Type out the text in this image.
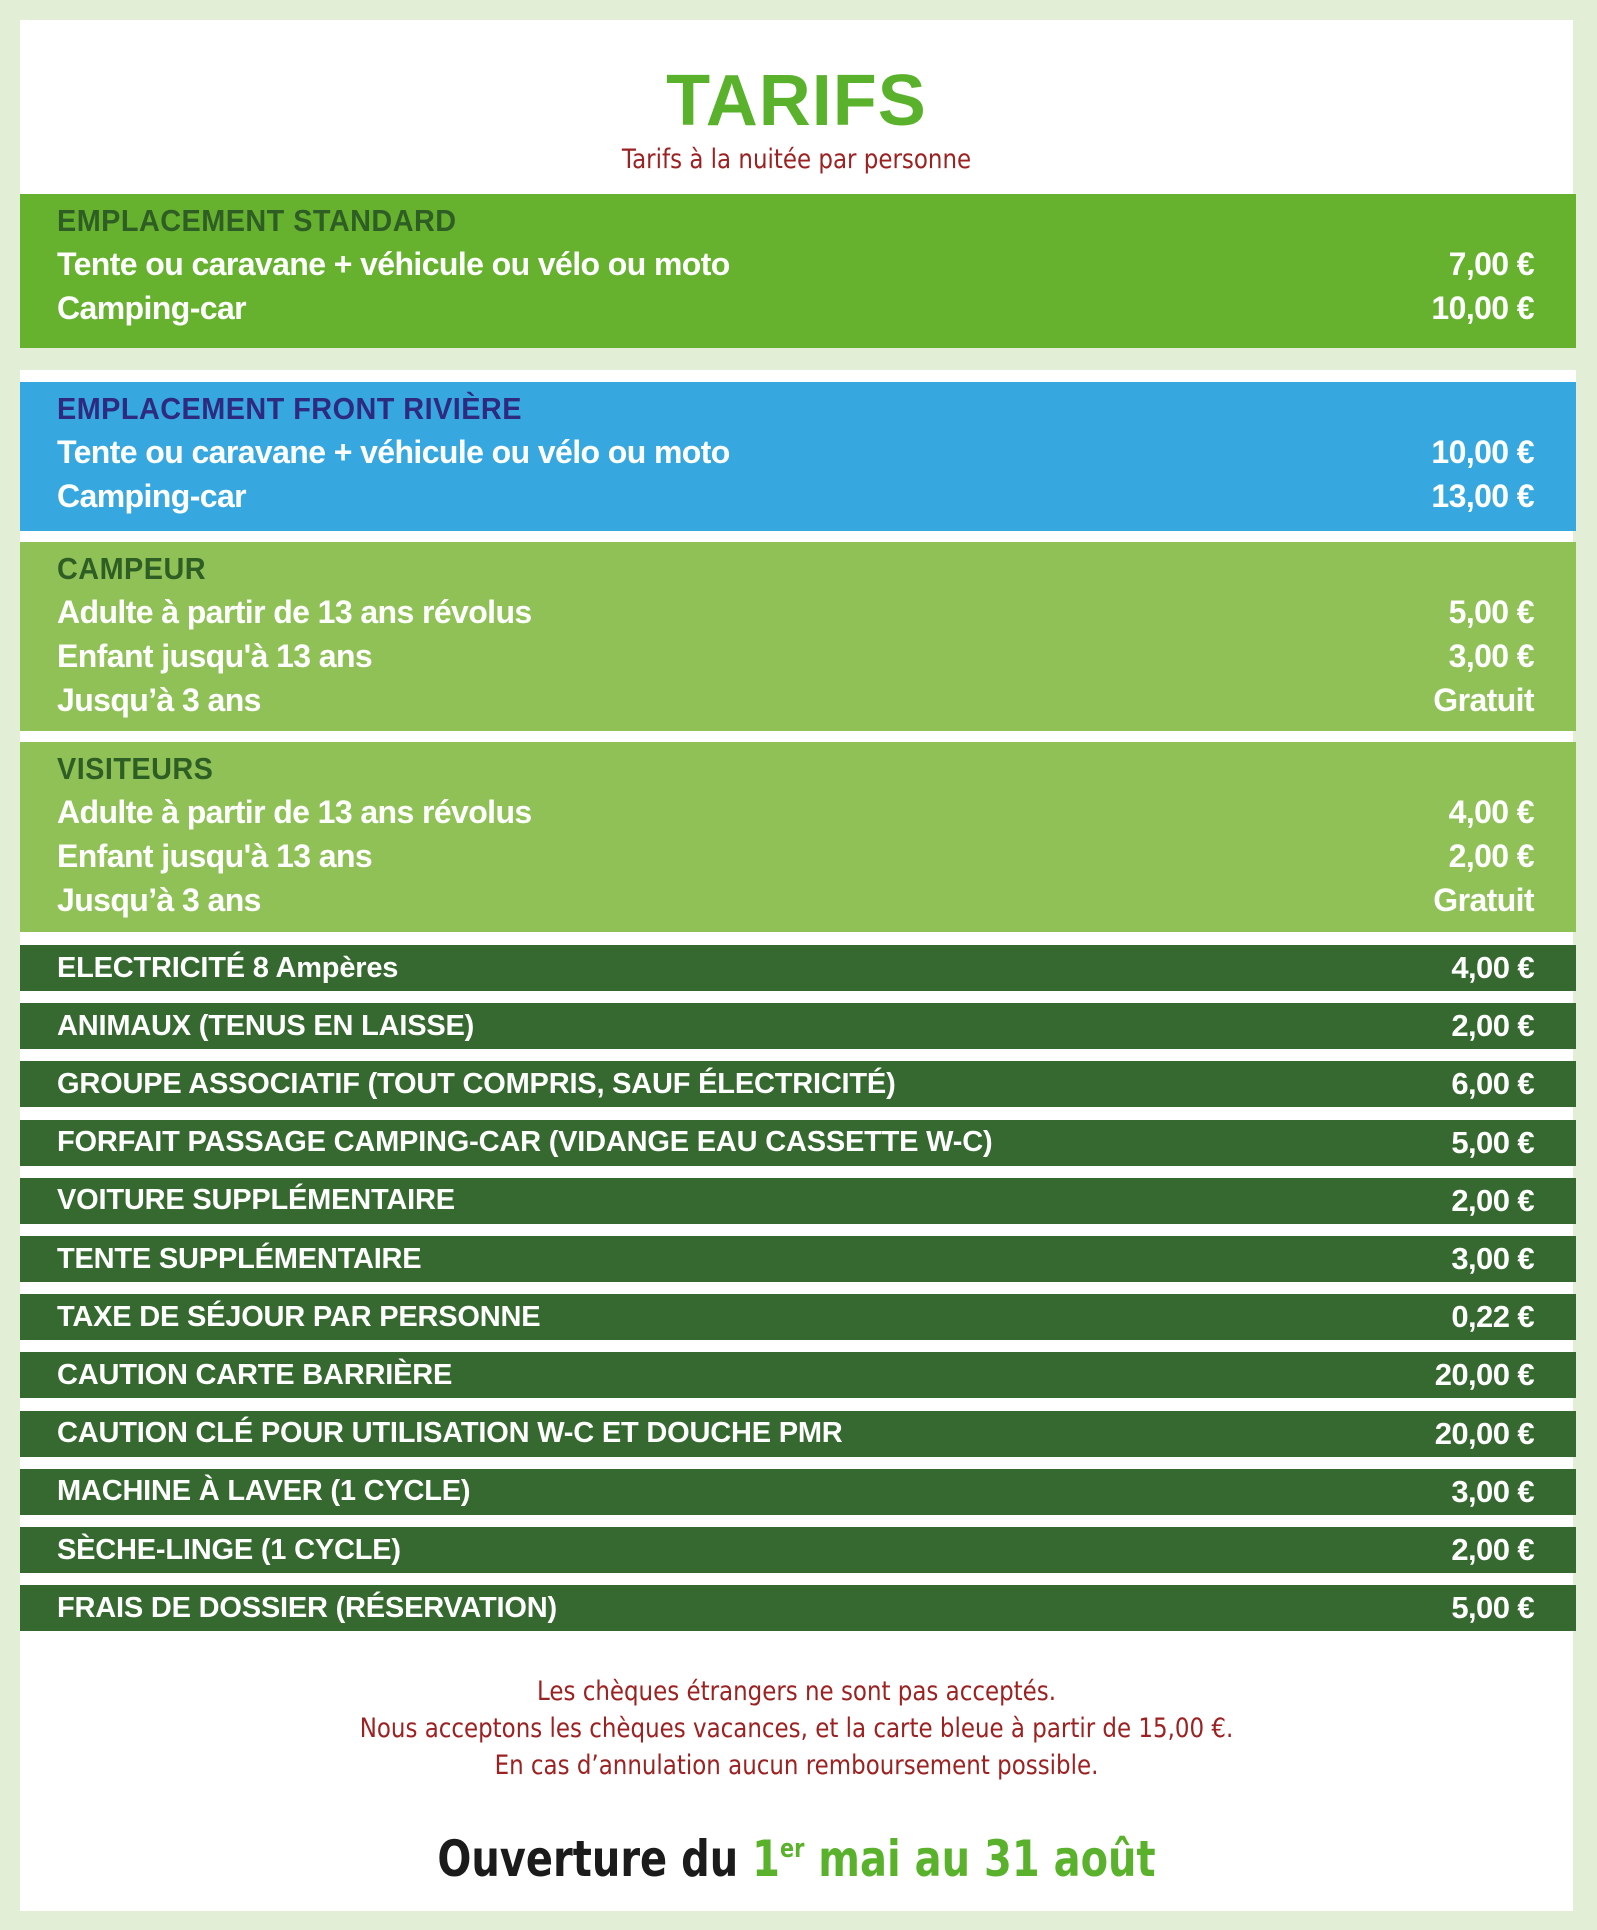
TARIFS
Tarifs à la nuitée par personne
EMPLACEMENT STANDARD
Tente ou caravane + véhicule ou vélo ou moto	7,00 €
Camping-car	10,00 €
EMPLACEMENT FRONT RIVIÈRE
Tente ou caravane + véhicule ou vélo ou moto	10,00 €
Camping-car	13,00 €
CAMPEUR
Adulte à partir de 13 ans révolus	5,00 €
Enfant jusqu'à 13 ans	3,00 €
Jusqu’à 3 ans	Gratuit
VISITEURS
Adulte à partir de 13 ans révolus	4,00 €
Enfant jusqu'à 13 ans	2,00 €
Jusqu’à 3 ans	Gratuit
ELECTRICITÉ 8 Ampères	4,00 €
ANIMAUX (TENUS EN LAISSE)	2,00 €
GROUPE ASSOCIATIF (TOUT COMPRIS, SAUF ÉLECTRICITÉ)	6,00 €
FORFAIT PASSAGE CAMPING-CAR (VIDANGE EAU CASSETTE W-C)	5,00 €
VOITURE SUPPLÉMENTAIRE	2,00 €
TENTE SUPPLÉMENTAIRE	3,00 €
TAXE DE SÉJOUR PAR PERSONNE	0,22 €
CAUTION CARTE BARRIÈRE	20,00 €
CAUTION CLÉ POUR UTILISATION W-C ET DOUCHE PMR	20,00 €
MACHINE À LAVER (1 CYCLE)	3,00 €
SÈCHE-LINGE (1 CYCLE)	2,00 €
FRAIS DE DOSSIER (RÉSERVATION)	5,00 €
Les chèques étrangers ne sont pas acceptés.
Nous acceptons les chèques vacances, et la carte bleue à partir de 15,00 €.
En cas d’annulation aucun remboursement possible.
Ouverture du 1er mai au 31 août
